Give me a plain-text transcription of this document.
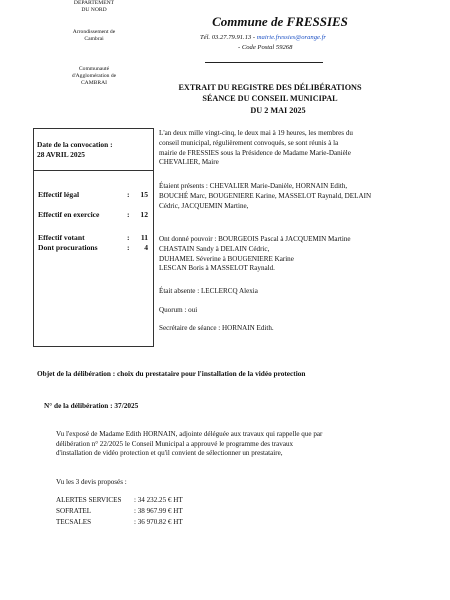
DEPARTEMENT
DU NORD
Arrondissement de
Cambrai
Communauté
d'Agglomération de
CAMBRAI
Commune de FRESSIES
Tél. 03.27.79.91.13 - mairie.fressies@orange.fr
- Code Postal 59268
EXTRAIT DU REGISTRE DES DÉLIBÉRATIONS
SÉANCE DU CONSEIL MUNICIPAL
DU 2 MAI 2025
Date de la convocation :
28 AVRIL 2025
Effectif légal	: 15
Effectif en exercice	: 12
Effectif votant	: 11
Dont procurations	: 4
L'an deux mille vingt-cinq, le deux mai à 19 heures, les membres du
conseil municipal, régulièrement convoqués, se sont réunis à la
mairie de FRESSIES sous la Présidence de Madame Marie-Danièle
CHEVALIER, Maire
Étaient présents : CHEVALIER Marie-Danièle, HORNAIN Edith,
BOUCHÉ Marc, BOUGENIERE Karine, MASSELOT Raynald, DELAIN
Cédric, JACQUEMIN Martine,
Ont donné pouvoir : BOURGEOIS Pascal à JACQUEMIN Martine
CHASTAIN Sandy à DELAIN Cédric,
DUHAMEL Séverine à BOUGENIERE Karine
LESCAN Boris à MASSELOT Raynald.
Était absente : LECLERCQ Alexia
Quorum : oui
Secrétaire de séance : HORNAIN Edith.
Objet de la délibération : choix du prestataire pour l'installation de la vidéo protection
N° de la délibération : 37/2025
Vu l'exposé de Madame Edith HORNAIN, adjointe déléguée aux travaux qui rappelle que par
délibération n° 22/2025 le Conseil Municipal a approuvé le programme des travaux
d'installation de vidéo protection et qu'il convient de sélectionner un prestataire,
Vu les 3 devis proposés :
ALERTES SERVICES : 34 232.25 € HT
SOFRATEL	: 38 967.99 € HT
TECSALES	: 36 970.82 € HT
